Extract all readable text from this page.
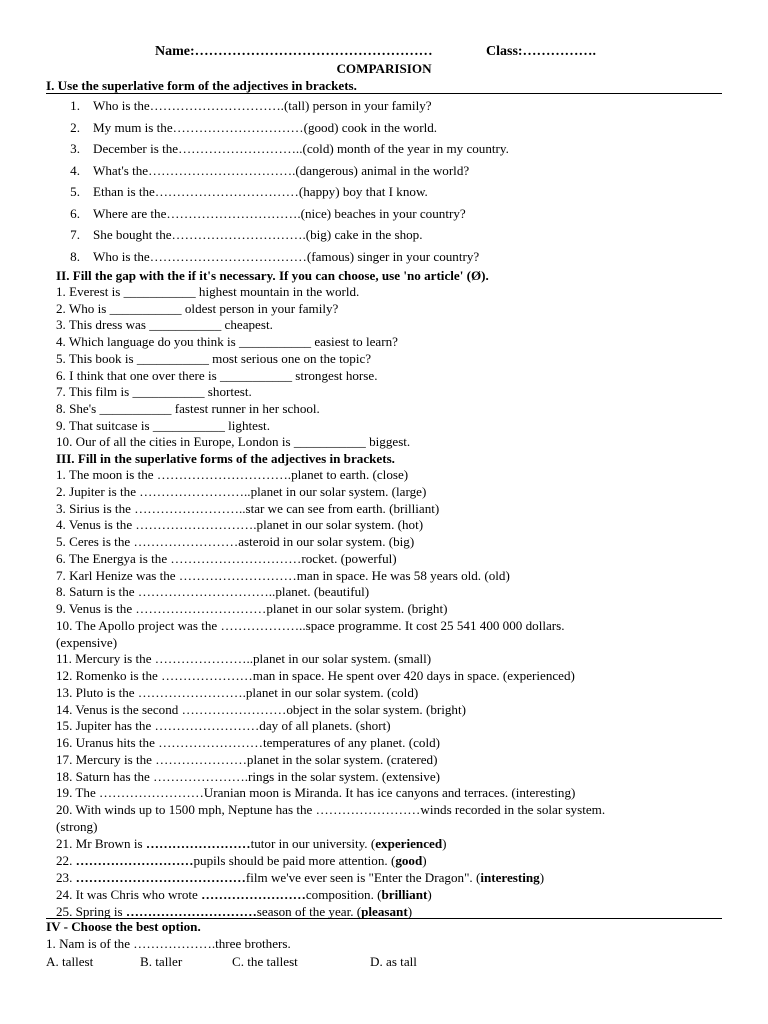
Name:……………………………………………	Class:…………….
COMPARISION
I. Use the superlative form of the adjectives in brackets.
1. Who is the………………………….(tall) person in your family?
2. My mum is the…………………………(good) cook in the world.
3. December is the………………………..(cold) month of the year in my country.
4. What's the…………………………….(dangerous) animal in the world?
5. Ethan is the……………………………(happy) boy that I know.
6. Where are the………………………….(nice) beaches in your country?
7. She bought the………………………….(big) cake in the shop.
8. Who is the………………………………(famous) singer in your country?
II. Fill the gap with the if it's necessary. If you can choose, use 'no article' (Ø).
1. Everest is ___________ highest mountain in the world.
2. Who is ___________ oldest person in your family?
3. This dress was ___________ cheapest.
4. Which language do you think is ___________ easiest to learn?
5. This book is ___________ most serious one on the topic?
6. I think that one over there is ___________ strongest horse.
7. This film is ___________ shortest.
8. She's ___________ fastest runner in her school.
9. That suitcase is ___________ lightest.
10. Our of all the cities in Europe, London is ___________ biggest.
III. Fill in the superlative forms of the adjectives in brackets.
1. The moon is the ………………………….planet to earth. (close)
2. Jupiter is the ……………………..planet in our solar system. (large)
3. Sirius is the ……………………..star we can see from earth. (brilliant)
4. Venus is the ……………………….planet in our solar system. (hot)
5. Ceres is the ……………………asteroid in our solar system. (big)
6. The Energya is the …………………………rocket. (powerful)
7. Karl Henize was the ………………………man in space. He was 58 years old. (old)
8. Saturn is the …………………………..planet. (beautiful)
9. Venus is the …………………………planet in our solar system. (bright)
10. The Apollo project was the ………………..space programme. It cost 25 541 400 000 dollars.
(expensive)
11. Mercury is the …………………..planet in our solar system. (small)
12. Romenko is the …………………man in space. He spent over 420 days in space. (experienced)
13. Pluto is the …………………….planet in our solar system. (cold)
14. Venus is the second ……………………object in the solar system. (bright)
15. Jupiter has the ……………………day of all planets. (short)
16. Uranus hits the ……………………temperatures of any planet. (cold)
17. Mercury is the …………………planet in the solar system. (cratered)
18. Saturn has the ………………….rings in the solar system. (extensive)
19. The ……………………Uranian moon is Miranda. It has ice canyons and terraces. (interesting)
20. With winds up to 1500 mph, Neptune has the ……………………winds recorded in the solar system.
(strong)
21. Mr Brown is ……………………tutor in our university. (experienced)
22. ………………………pupils should be paid more attention. (good)
23. …………………………………film we've ever seen is "Enter the Dragon". (interesting)
24. It was Chris who wrote ……………………composition. (brilliant)
25. Spring is …………………………season of the year. (pleasant)
IV - Choose the best option.
1. Nam is of the ……………….three brothers.
A. tallest	B. taller	C. the tallest	D. as tall
